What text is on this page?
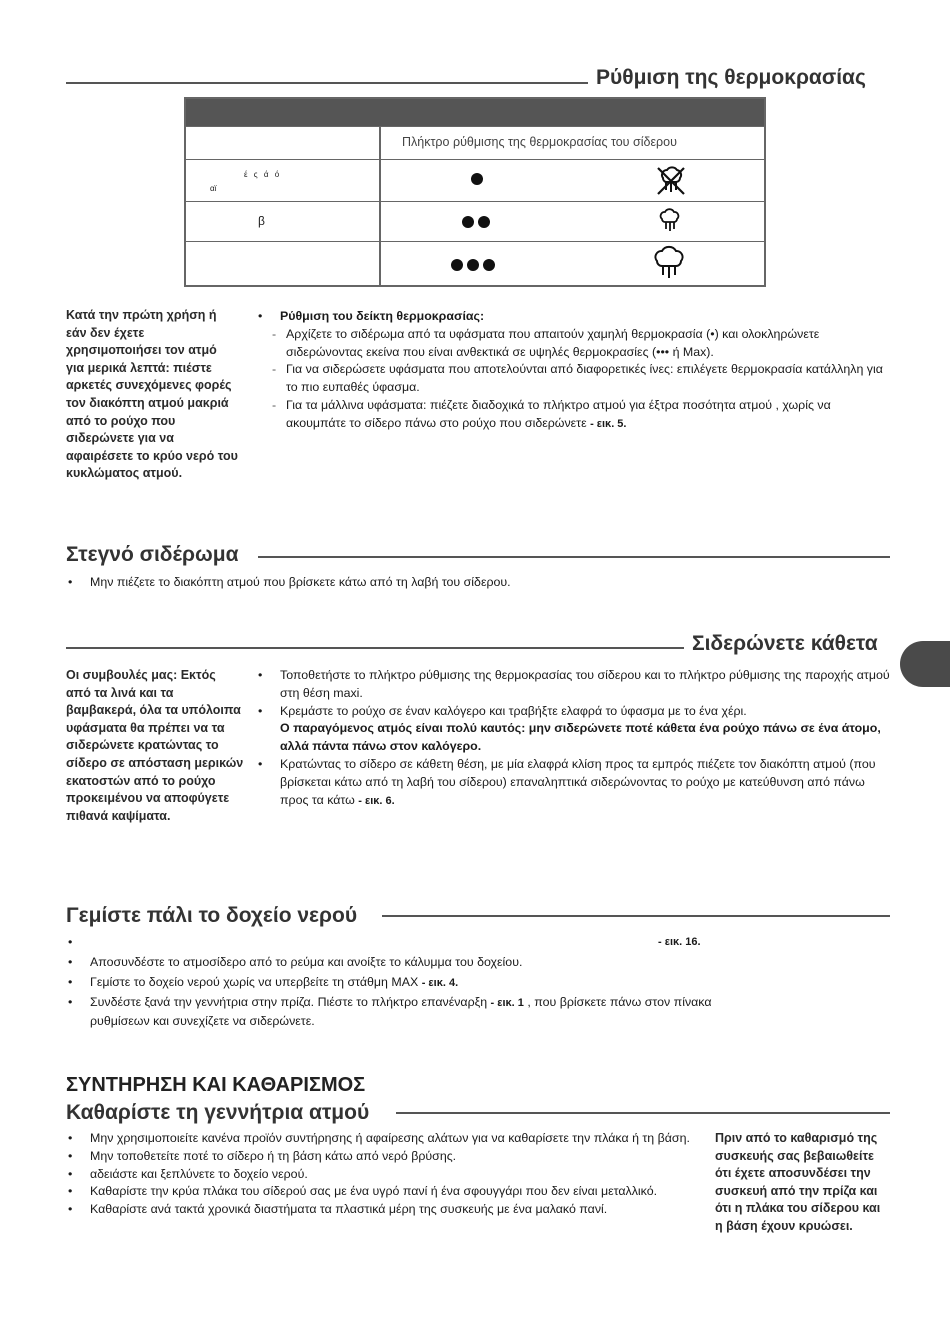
Ρύθμιση της θερμοκρασίας
Πλήκτρο ρύθμισης της θερμοκρασίας του σίδερου
έ ς ά ό
αϊ
β
Κατά την πρώτη χρήση ή εάν δεν έχετε χρησιμοποιήσει τον ατμό για μερικά λεπτά: πιέστε αρκετές συνεχόμενες φορές τον διακόπτη ατμού μακριά από το ρούχο που σιδερώνετε για να αφαιρέσετε το κρύο νερό του κυκλώματος ατμού.
• Ρύθμιση του δείκτη θερμοκρασίας:
- Αρχίζετε το σιδέρωμα από τα υφάσματα που απαιτούν χαμηλή θερμοκρασία (•) και ολοκληρώνετε σιδερώνοντας εκείνα που είναι ανθεκτικά σε υψηλές θερμοκρασίες (••• ή Max).
- Για να σιδερώσετε υφάσματα που αποτελούνται από διαφορετικές ίνες: επιλέγετε θερμοκρασία κατάλληλη για το πιο ευπαθές ύφασμα.
- Για τα μάλλινα υφάσματα: πιέζετε διαδοχικά το πλήκτρο ατμού για έξτρα ποσότητα ατμού , χωρίς να ακουμπάτε το σίδερο πάνω στο ρούχο που σιδερώνετε - εικ. 5.
Στεγνό σιδέρωμα
• Μην πιέζετε το διακόπτη ατμού που βρίσκετε κάτω από τη λαβή του σίδερου.
Σιδερώνετε κάθετα
Οι συμβουλές μας: Εκτός από τα λινά και τα βαμβακερά, όλα τα υπόλοιπα υφάσματα θα πρέπει να τα σιδερώνετε κρατώντας το σίδερο σε απόσταση μερικών εκατοστών από το ρούχο προκειμένου να αποφύγετε πιθανά καψίματα.
• Τοποθετήστε το πλήκτρο ρύθμισης της θερμοκρασίας του σίδερου και το πλήκτρο ρύθμισης της παροχής ατμού στη θέση maxi.
• Κρεμάστε το ρούχο σε έναν καλόγερο και τραβήξτε ελαφρά το ύφασμα με το ένα χέρι.
Ο παραγόμενος ατμός είναι πολύ καυτός: μην σιδερώνετε ποτέ κάθετα ένα ρούχο πάνω σε ένα άτομο, αλλά πάντα πάνω στον καλόγερο.
• Κρατώντας το σίδερο σε κάθετη θέση, με μία ελαφρά κλίση προς τα εμπρός πιέζετε τον διακόπτη ατμού (που βρίσκεται κάτω από τη λαβή του σίδερου) επαναληπτικά σιδερώνοντας το ρούχο με κατεύθυνση από πάνω προς τα κάτω - εικ. 6.
Γεμίστε πάλι το δοχείο νερού

• - εικ. 16.
• Αποσυνδέστε το ατμοσίδερο από το ρεύμα και ανοίξτε το κάλυμμα του δοχείου.
• Γεμίστε το δοχείο νερού χωρίς να υπερβείτε τη στάθμη MAX - εικ. 4.
• Συνδέστε ξανά την γεννήτρια στην πρίζα. Πιέστε το πλήκτρο επανέναρξη - εικ. 1 , που βρίσκετε πάνω στον πίνακα ρυθμίσεων και συνεχίζετε να σιδερώνετε.
ΣΥΝΤΗΡΗΣΗ ΚΑΙ ΚΑΘΑΡΙΣΜΟΣ
Καθαρίστε τη γεννήτρια ατμού
• Μην χρησιμοποιείτε κανένα προϊόν συντήρησης ή αφαίρεσης αλάτων για να καθαρίσετε την πλάκα ή τη βάση.
• Μην τοποθετείτε ποτέ το σίδερο ή τη βάση κάτω από νερό βρύσης.
• αδειάστε και ξεπλύνετε το δοχείο νερού.
• Καθαρίστε την κρύα πλάκα του σίδερού σας με ένα υγρό πανί ή ένα σφουγγάρι που δεν είναι μεταλλικό.
• Καθαρίστε ανά τακτά χρονικά διαστήματα τα πλαστικά μέρη της συσκευής με ένα μαλακό πανί.
Πριν από το καθαρισμό της συσκευής σας βεβαιωθείτε ότι έχετε αποσυνδέσει την συσκευή από την πρίζα και ότι η πλάκα του σίδερου και η βάση έχουν κρυώσει.
